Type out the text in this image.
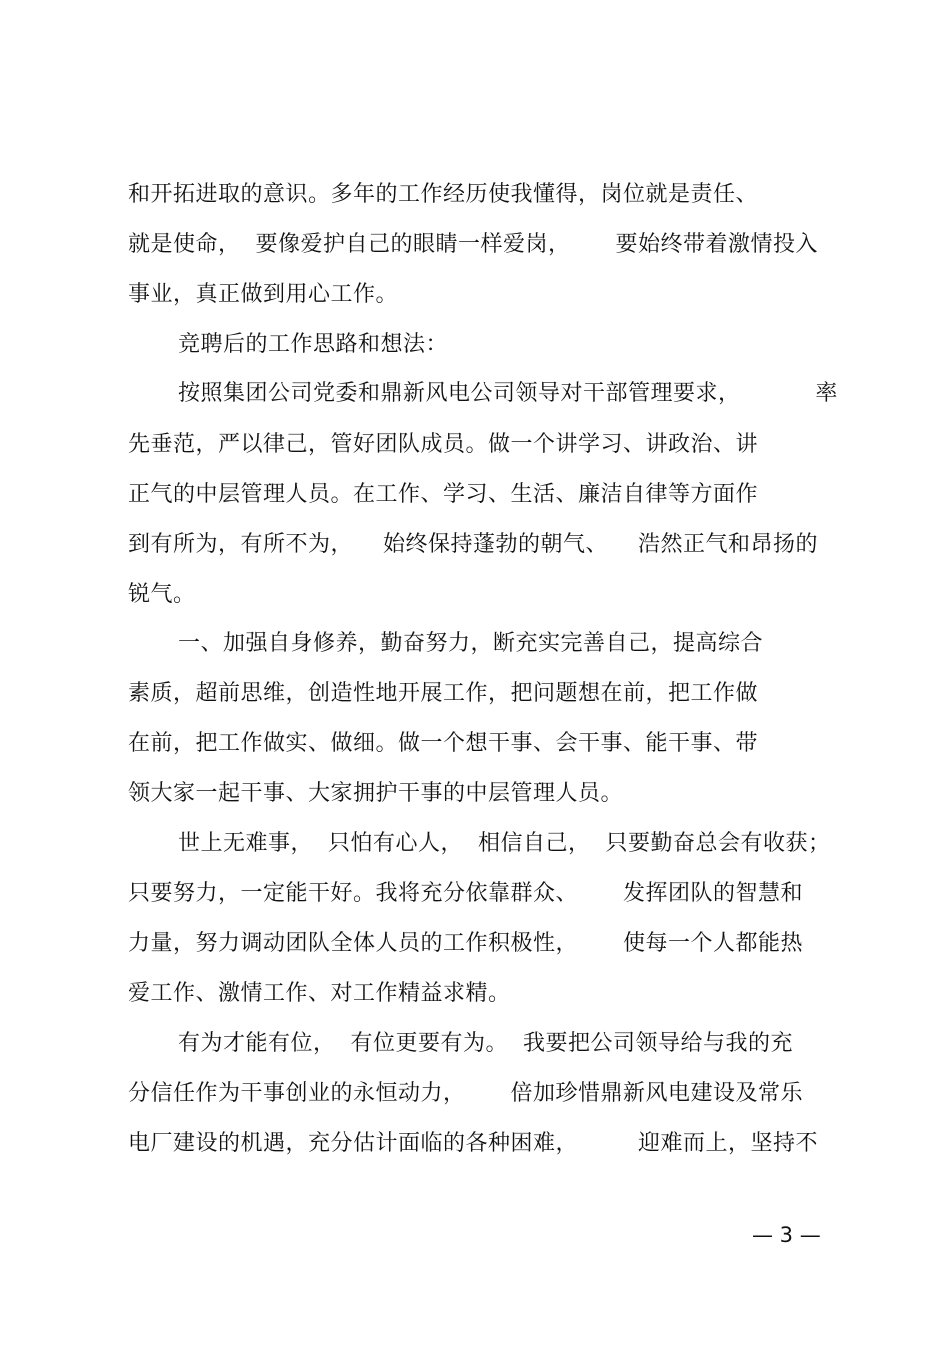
和开拓进取的意识。多年的工作经历使我懂得，岗位就是责任、
就是使命，  要像爱护自己的眼睛一样爱岗，      要始终带着激情投入
事业，真正做到用心工作。
竞聘后的工作思路和想法：
按照集团公司党委和鼎新风电公司领导对干部管理要求，          率
先垂范，严以律己，管好团队成员。做一个讲学习、讲政治、讲
正气的中层管理人员。在工作、学习、生活、廉洁自律等方面作
到有所为，有所不为，    始终保持蓬勃的朝气、    浩然正气和昂扬的
锐气。
一、加强自身修养，勤奋努力，断充实完善自己，提高综合
素质，超前思维，创造性地开展工作，把问题想在前，把工作做
在前，把工作做实、做细。做一个想干事、会干事、能干事、带
领大家一起干事、大家拥护干事的中层管理人员。
世上无难事，  只怕有心人，  相信自己，  只要勤奋总会有收获；
只要努力，一定能干好。我将充分依靠群众、      发挥团队的智慧和
力量，努力调动团队全体人员的工作积极性，      使每一个人都能热
爱工作、激情工作、对工作精益求精。
有为才能有位，  有位更要有为。  我要把公司领导给与我的充
分信任作为干事创业的永恒动力，      倍加珍惜鼎新风电建设及常乐
电厂建设的机遇，充分估计面临的各种困难，        迎难而上，坚持不
— 3 —
